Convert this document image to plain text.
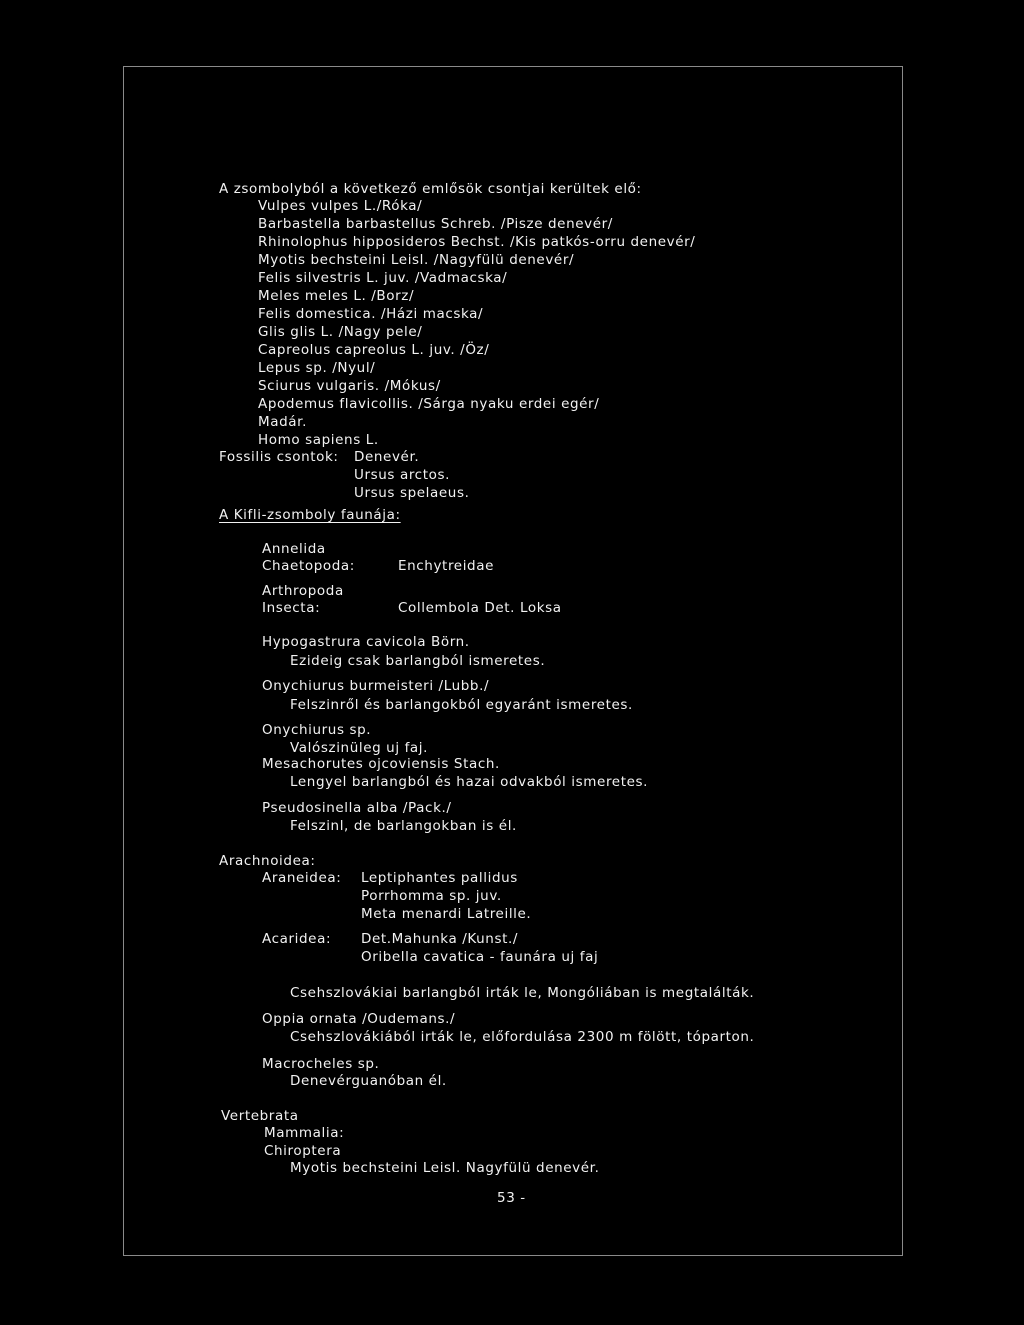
A zsombolyból a következő emlősök csontjai kerültek elő:
Vulpes vulpes L./Róka/
Barbastella barbastellus Schreb. /Pisze denevér/
Rhinolophus hipposideros Bechst. /Kis patkós-orru denevér/
Myotis bechsteini Leisl. /Nagyfülü denevér/
Felis silvestris L. juv. /Vadmacska/
Meles meles L. /Borz/
Felis domestica. /Házi macska/
Glis glis L. /Nagy pele/
Capreolus capreolus L. juv. /Öz/
Lepus sp. /Nyul/
Sciurus vulgaris. /Mókus/
Apodemus flavicollis. /Sárga nyaku erdei egér/
Madár.
Homo sapiens L.
Fossilis csontok: Denevér.
Ursus arctos.
Ursus spelaeus.
A Kifli-zsomboly faunája:
Annelida
Chaetopoda:	Enchytreidae
Arthropoda
Insecta:	Collembola Det. Loksa
Hypogastrura cavicola Börn.
Ezideig csak barlangból ismeretes.
Onychiurus burmeisteri /Lubb./
Felszinről és barlangokból egyaránt ismeretes.
Onychiurus sp.
Valószinüleg uj faj.
Mesachorutes ojcoviensis Stach.
Lengyel barlangból és hazai odvakból ismeretes.
Pseudosinella alba /Pack./
Felszinl, de barlangokban is él.
Arachnoidea:
Araneidea: Leptiphantes pallidus
Porrhomma sp. juv.
Meta menardi Latreille.
Acaridea: Det.Mahunka /Kunst./
Oribella cavatica - faunára uj faj
Csehszlovákiai barlangból irták le, Mongóliában is megtalálták.
Oppia ornata /Oudemans./
Csehszlovákiából irták le, előfordulása 2300 m fölött, tóparton.
Macrocheles sp.
Denevérguanóban él.
Vertebrata
Mammalia:
Chiroptera
Myotis bechsteini Leisl. Nagyfülü denevér.
53 -
